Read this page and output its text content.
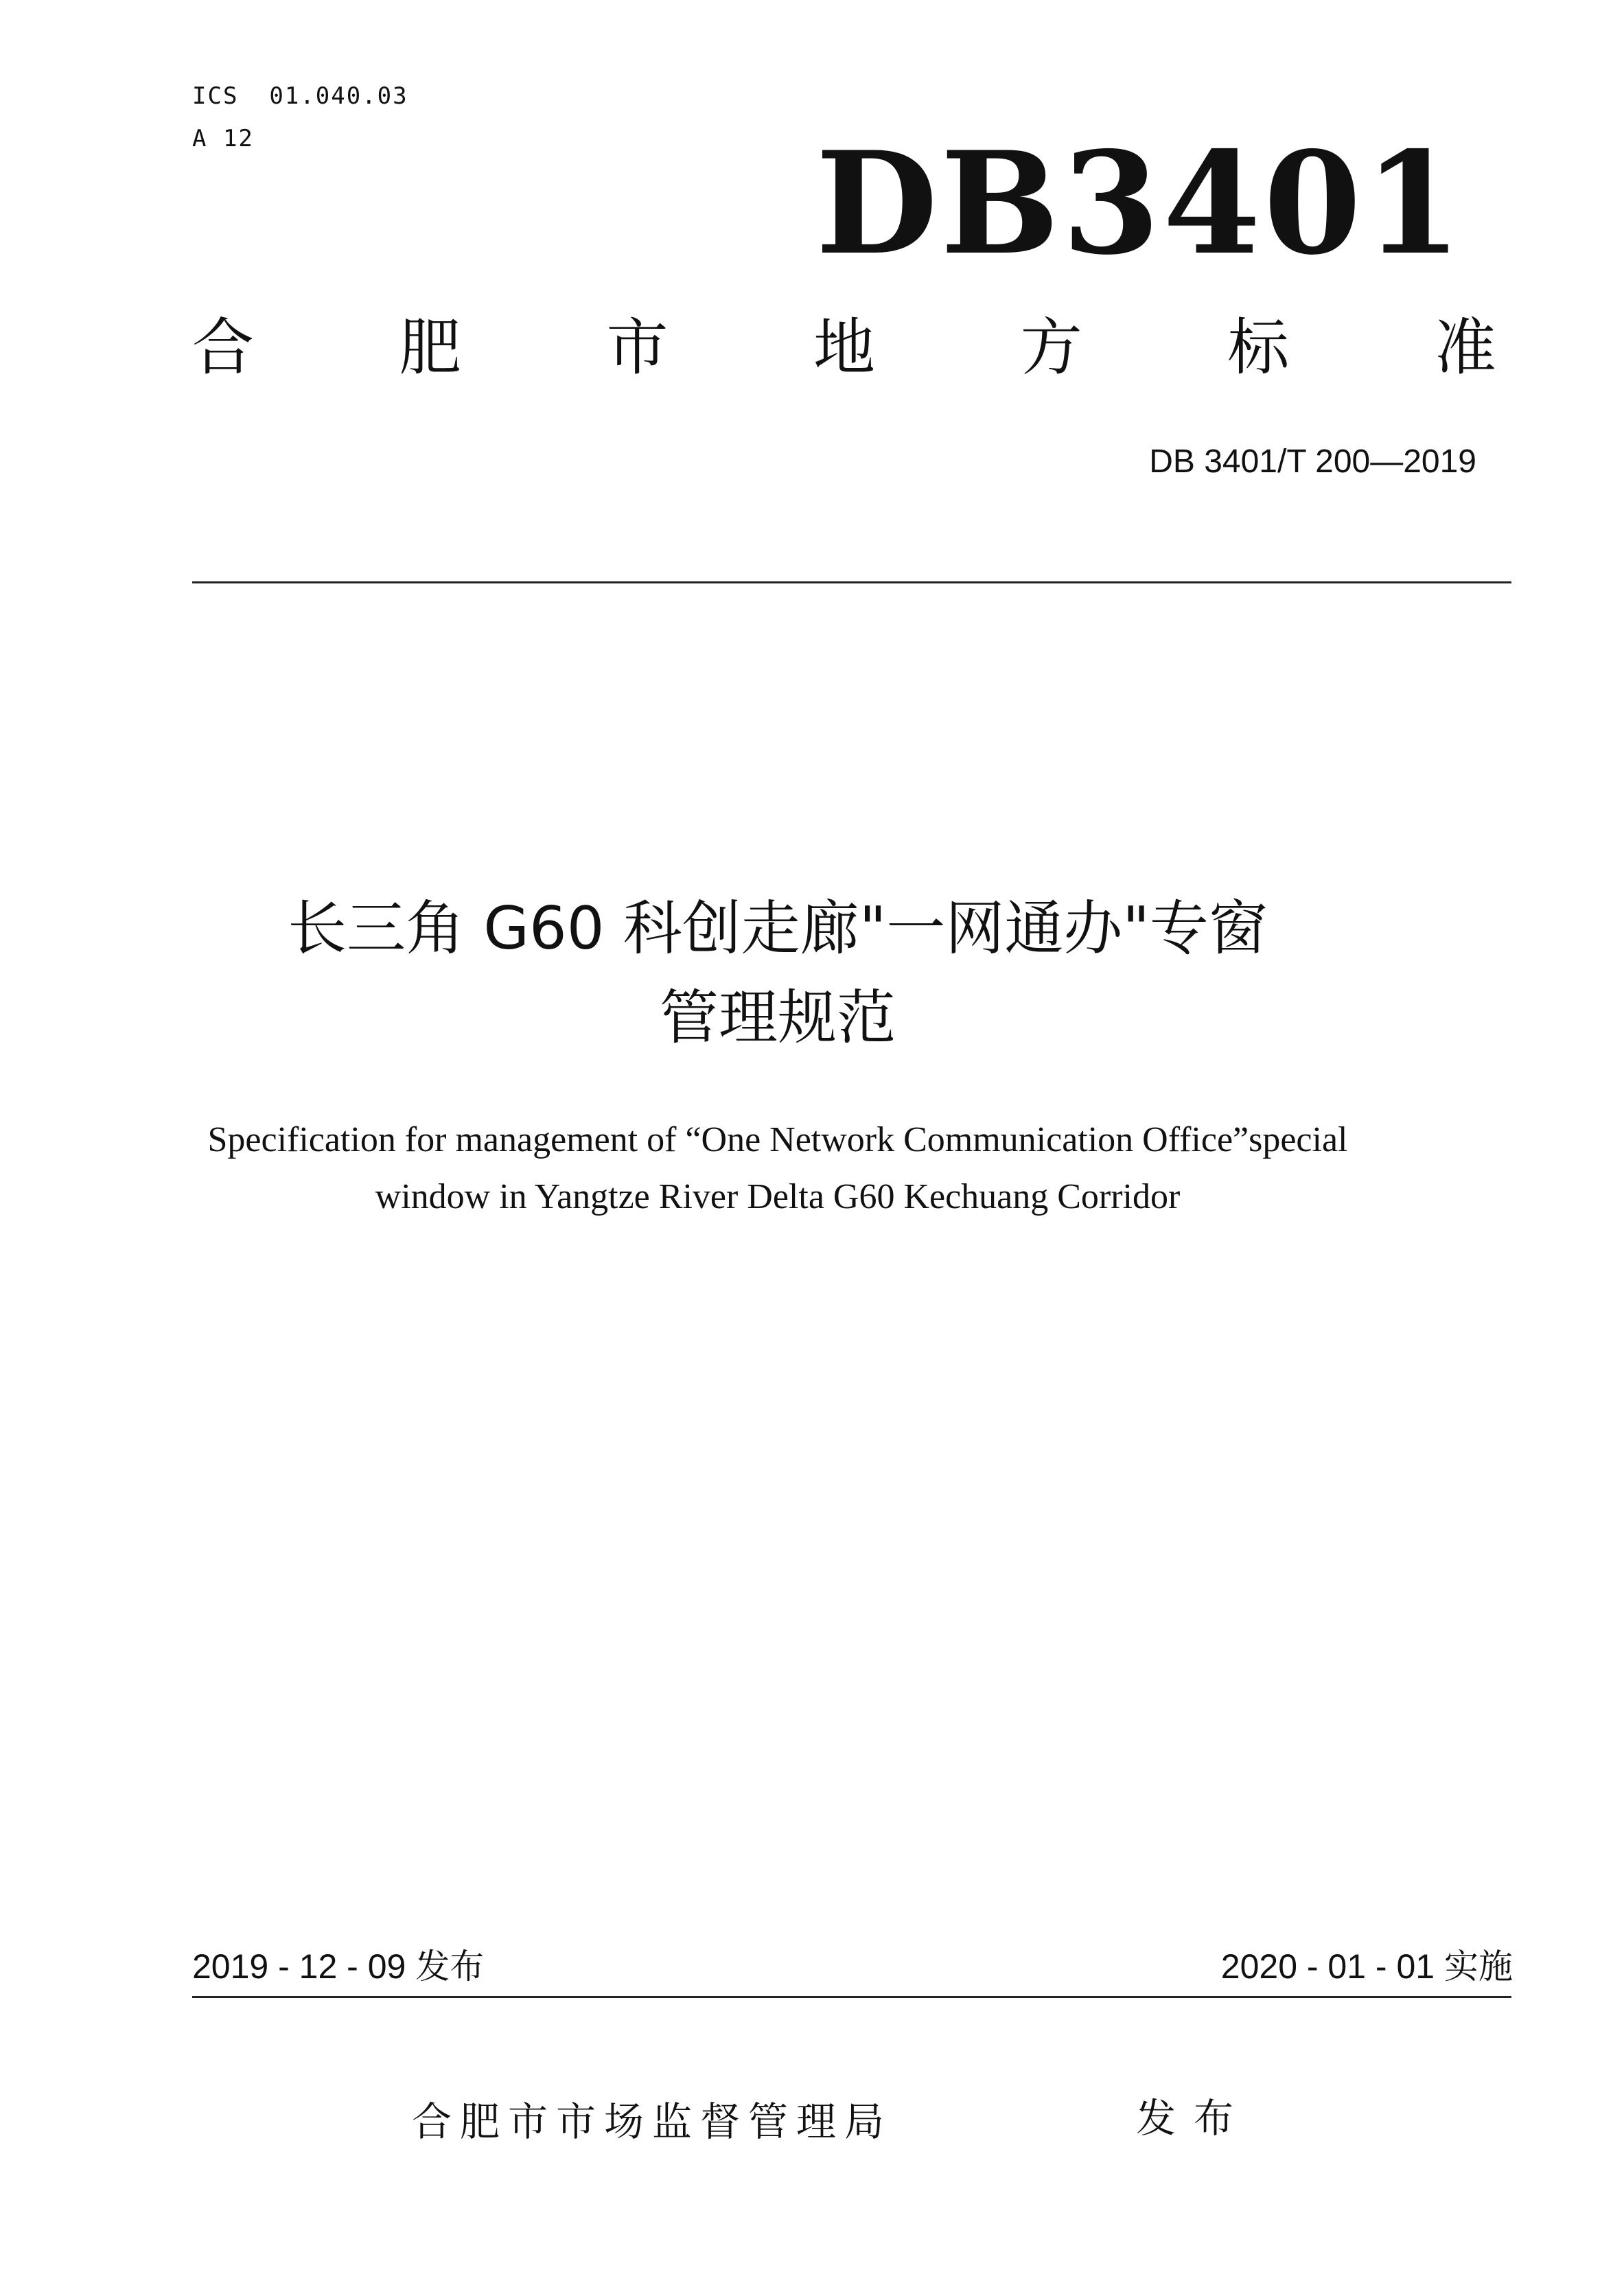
ICS  01.040.03
A 12	DB3401
合 肥 市 地 方 标 准
DB 3401/T 200—2019
长三角 G60 科创走廊"一网通办"专窗
管理规范
Specification for management of “One Network Communication Office”special
window in Yangtze River Delta G60 Kechuang Corridor
2019 - 12 - 09 发布	2020 - 01 - 01 实施
合肥市市场监督管理局	发布
